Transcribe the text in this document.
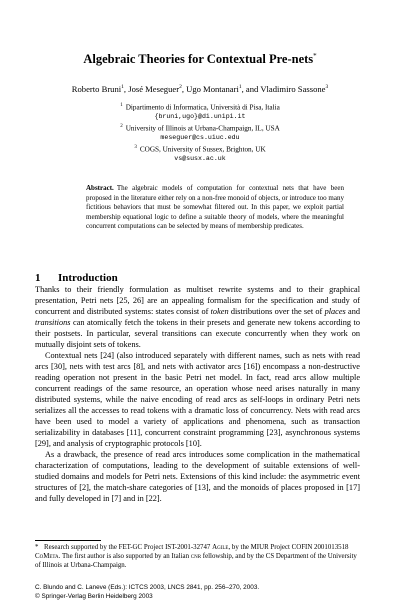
Algebraic Theories for Contextual Pre-nets*
Roberto Bruni$^1$, José Meseguer$^2$, Ugo Montanari$^1$, and Vladimiro Sassone$^3$
$^1$ Dipartimento di Informatica, Università di Pisa, Italia
{bruni,ugo}@di.unipi.it
$^2$ University of Illinois at Urbana-Champaign, IL, USA
meseguer@cs.uiuc.edu
$^3$ COGS, University of Sussex, Brighton, UK
vs@susx.ac.uk
Abstract. The algebraic models of computation for contextual nets that have been proposed in the literature either rely on a non-free monoid of objects, or introduce too many fictitious behaviors that must be somewhat filtered out. In this paper, we exploit partial membership equational logic to define a suitable theory of models, where the meaningful concurrent computations can be selected by means of membership predicates.
1 Introduction

Thanks to their friendly formulation as multiset rewrite systems and to their graphical presentation, Petri nets [25, 26] are an appealing formalism for the specification and study of concurrent and distributed systems: states consist of token distributions over the set of places and transitions can atomically fetch the tokens in their presets and generate new tokens according to their postsets. In particular, several transitions can execute concurrently when they work on mutually disjoint sets of tokens.

Contextual nets [24] (also introduced separately with different names, such as nets with read arcs [30], nets with test arcs [8], and nets with activator arcs [16]) encompass a non-destructive reading operation not present in the basic Petri net model. In fact, read arcs allow multiple concurrent readings of the same resource, an operation whose need arises naturally in many distributed systems, while the naive encoding of read arcs as self-loops in ordinary Petri nets serializes all the accesses to read tokens with a dramatic loss of concurrency. Nets with read arcs have been used to model a variety of applications and phenomena, such as transaction serializability in databases [11], concurrent constraint programming [23], asynchronous systems [29], and analysis of cryptographic protocols [10].

As a drawback, the presence of read arcs introduces some complication in the mathematical characterization of computations, leading to the development of suitable extensions of well-studied domains and models for Petri nets. Extensions of this kind include: the asymmetric event structures of [2], the match-share categories of [13], and the monoids of places proposed in [17] and fully developed in [7] and in [22].

* Research supported by the FET-GC Project IST-2001-32747 Agile, by the MIUR Project COFIN 2001013518 CoMeta. The first author is also supported by an Italian cnr fellowship, and by the CS Department of the University of Illinois at Urbana-Champaign.
C. Blundo and C. Laneve (Eds.): ICTCS 2003, LNCS 2841, pp. 256–270, 2003.
© Springer-Verlag Berlin Heidelberg 2003
